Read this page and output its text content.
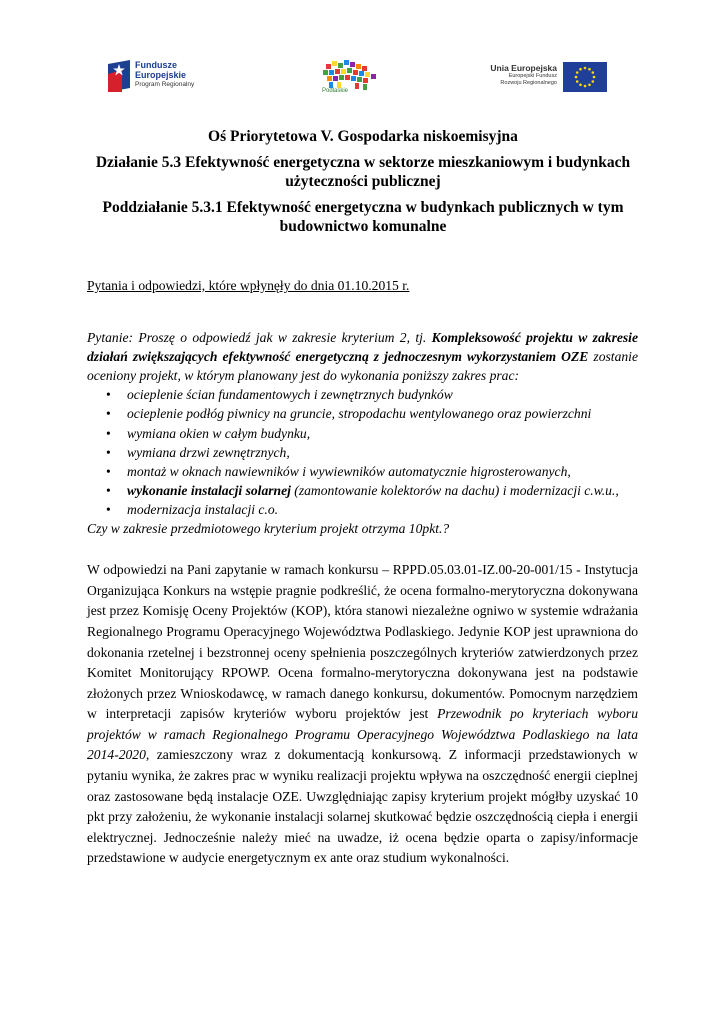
Fundusze
Europejskie
Program Regionalny
Podlaskie
Unia Europejska
Europejski Fundusz
Rozwoju Regionalnego

Oś Priorytetowa V. Gospodarka niskoemisyjna

Działanie 5.3 Efektywność energetyczna w sektorze mieszkaniowym i budynkach użyteczności publicznej

Poddziałanie 5.3.1 Efektywność energetyczna w budynkach publicznych w tym budownictwo komunalne

Pytania i odpowiedzi, które wpłynęły do dnia 01.10.2015 r.

Pytanie: Proszę o odpowiedź jak w zakresie kryterium 2, tj. Kompleksowość projektu w zakresie działań zwiększających efektywność energetyczną z jednoczesnym wykorzystaniem OZE zostanie oceniony projekt, w którym planowany jest do wykonania poniższy zakres prac:

• ocieplenie ścian fundamentowych i zewnętrznych budynków
• ocieplenie podłóg piwnicy na gruncie, stropodachu wentylowanego oraz powierzchni
• wymiana okien w całym budynku,
• wymiana drzwi zewnętrznych,
• montaż w oknach nawiewników i wywiewników automatycznie higrosterowanych,
• wykonanie instalacji solarnej (zamontowanie kolektorów na dachu) i modernizacji c.w.u.,
• modernizacja instalacji c.o.

Czy w zakresie przedmiotowego kryterium projekt otrzyma 10pkt.?

W odpowiedzi na Pani zapytanie w ramach konkursu – RPPD.05.03.01-IZ.00-20-001/15 - Instytucja Organizująca Konkurs na wstępie pragnie podkreślić, że ocena formalno-merytoryczna dokonywana jest przez Komisję Oceny Projektów (KOP), która stanowi niezależne ogniwo w systemie wdrażania Regionalnego Programu Operacyjnego Województwa Podlaskiego. Jedynie KOP jest uprawniona do dokonania rzetelnej i bezstronnej oceny spełnienia poszczególnych kryteriów zatwierdzonych przez Komitet Monitorujący RPOWP. Ocena formalno-merytoryczna dokonywana jest na podstawie złożonych przez Wnioskodawcę, w ramach danego konkursu, dokumentów. Pomocnym narzędziem w interpretacji zapisów kryteriów wyboru projektów jest Przewodnik po kryteriach wyboru projektów w ramach Regionalnego Programu Operacyjnego Województwa Podlaskiego na lata 2014-2020, zamieszczony wraz z dokumentacją konkursową. Z informacji przedstawionych w pytaniu wynika, że zakres prac w wyniku realizacji projektu wpływa na oszczędność energii cieplnej oraz zastosowane będą instalacje OZE. Uwzględniając zapisy kryterium projekt mógłby uzyskać 10 pkt przy założeniu, że wykonanie instalacji solarnej skutkować będzie oszczędnością ciepła i energii elektrycznej. Jednocześnie należy mieć na uwadze, iż ocena będzie oparta o zapisy/informacje przedstawione w audycie energetycznym ex ante oraz studium wykonalności.
